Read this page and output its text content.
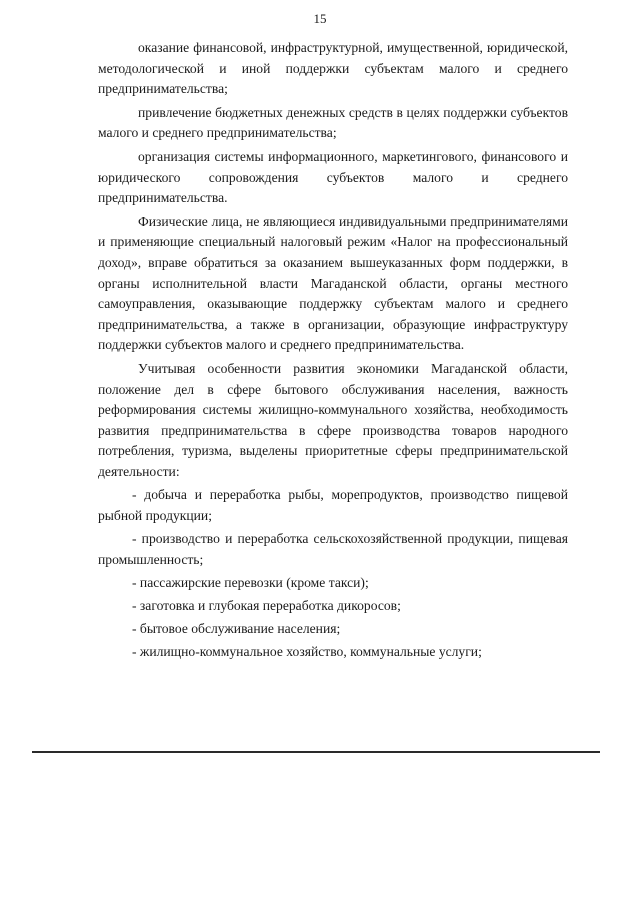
15

оказание финансовой, инфраструктурной, имущественной, юридической, методологической и иной поддержки субъектам малого и среднего предпринимательства;

привлечение бюджетных денежных средств в целях поддержки субъектов малого и среднего предпринимательства;

организация системы информационного, маркетингового, финансового и юридического сопровождения субъектов малого и среднего предпринимательства.

Физические лица, не являющиеся индивидуальными предпринимателями и применяющие специальный налоговый режим «Налог на профессиональный доход», вправе обратиться за оказанием вышеуказанных форм поддержки, в органы исполнительной власти Магаданской области, органы местного самоуправления, оказывающие поддержку субъектам малого и среднего предпринимательства, а также в организации, образующие инфраструктуру поддержки субъектов малого и среднего предпринимательства.

Учитывая особенности развития экономики Магаданской области, положение дел в сфере бытового обслуживания населения, важность реформирования системы жилищно-коммунального хозяйства, необходимость развития предпринимательства в сфере производства товаров народного потребления, туризма, выделены приоритетные сферы предпринимательской деятельности:

- добыча и переработка рыбы, морепродуктов, производство пищевой рыбной продукции;

- производство и переработка сельскохозяйственной продукции, пищевая промышленность;

- пассажирские перевозки (кроме такси);

- заготовка и глубокая переработка дикоросов;

- бытовое обслуживание населения;

- жилищно-коммунальное хозяйство, коммунальные услуги;
